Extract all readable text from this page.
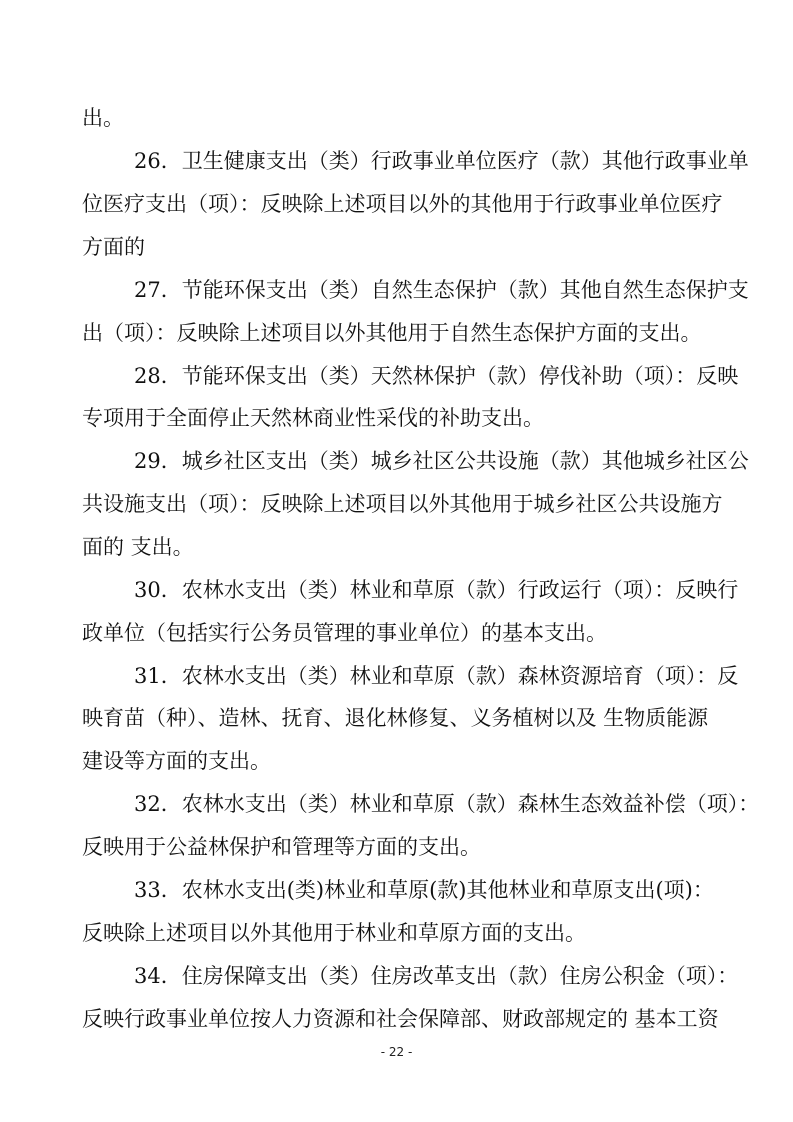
出。
26．卫生健康支出（类）行政事业单位医疗（款）其他行政事业单
位医疗支出（项）：反映除上述项目以外的其他用于行政事业单位医疗
方面的
27．节能环保支出（类）自然生态保护（款）其他自然生态保护支
出（项）：反映除上述项目以外其他用于自然生态保护方面的支出。
28．节能环保支出（类）天然林保护（款）停伐补助（项）：反映
专项用于全面停止天然林商业性采伐的补助支出。
29．城乡社区支出（类）城乡社区公共设施（款）其他城乡社区公
共设施支出（项）：反映除上述项目以外其他用于城乡社区公共设施方
面的 支出。
30．农林水支出（类）林业和草原（款）行政运行（项）：反映行
政单位（包括实行公务员管理的事业单位）的基本支出。
31．农林水支出（类）林业和草原（款）森林资源培育（项）：反
映育苗（种）、造林、抚育、退化林修复、义务植树以及 生物质能源
建设等方面的支出。
32．农林水支出（类）林业和草原（款）森林生态效益补偿（项）：
反映用于公益林保护和管理等方面的支出。
33．农林水支出(类)林业和草原(款)其他林业和草原支出(项)：
反映除上述项目以外其他用于林业和草原方面的支出。
34．住房保障支出（类）住房改革支出（款）住房公积金（项）：
反映行政事业单位按人力资源和社会保障部、财政部规定的 基本工资
- 22 -
